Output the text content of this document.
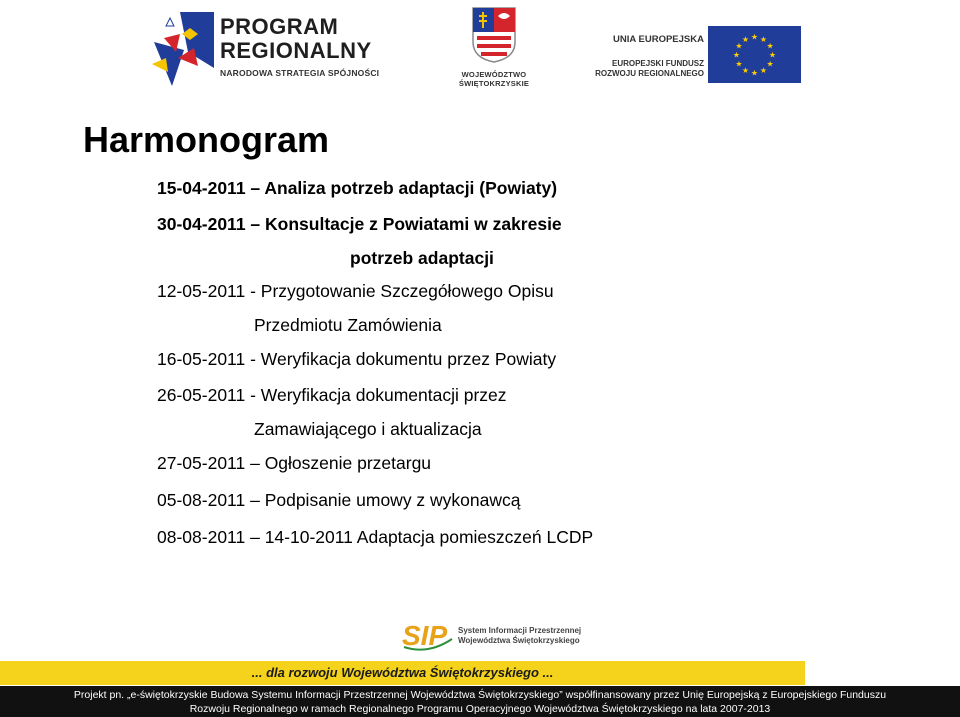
PROGRAM
REGIONALNY
NARODOWA STRATEGIA SPÓJNOŚCI	WOJEWÓDZTWO
ŚWIĘTOKRZYSKIE
UNIA EUROPEJSKA
EUROPEJSKI FUNDUSZ
ROZWOJU REGIONALNEGO
★ ★
★
★
★
★
★
★
★
★
★
★
Harmonogram
15-04-2011 – Analiza potrzeb adaptacji (Powiaty)
30-04-2011 – Konsultacje z Powiatami w zakresie
potrzeb adaptacji
12-05-2011 - Przygotowanie Szczegółowego Opisu
Przedmiotu Zamówienia
16-05-2011 - Weryfikacja dokumentu przez Powiaty
26-05-2011 - Weryfikacja dokumentacji przez
Zamawiającego i aktualizacja
27-05-2011 – Ogłoszenie przetargu
05-08-2011 – Podpisanie umowy z wykonawcą
08-08-2011 – 14-10-2011 Adaptacja pomieszczeń LCDP
SIP System Informacji Przestrzennej
Województwa Świętokrzyskiego
... dla rozwoju Województwa Świętokrzyskiego ...
Projekt pn. „e-świętokrzyskie Budowa Systemu Informacji Przestrzennej Województwa Świętokrzyskiego” współfinansowany przez Unię Europejską z Europejskiego Funduszu
Rozwoju Regionalnego w ramach Regionalnego Programu Operacyjnego Województwa Świętokrzyskiego na lata 2007-2013
